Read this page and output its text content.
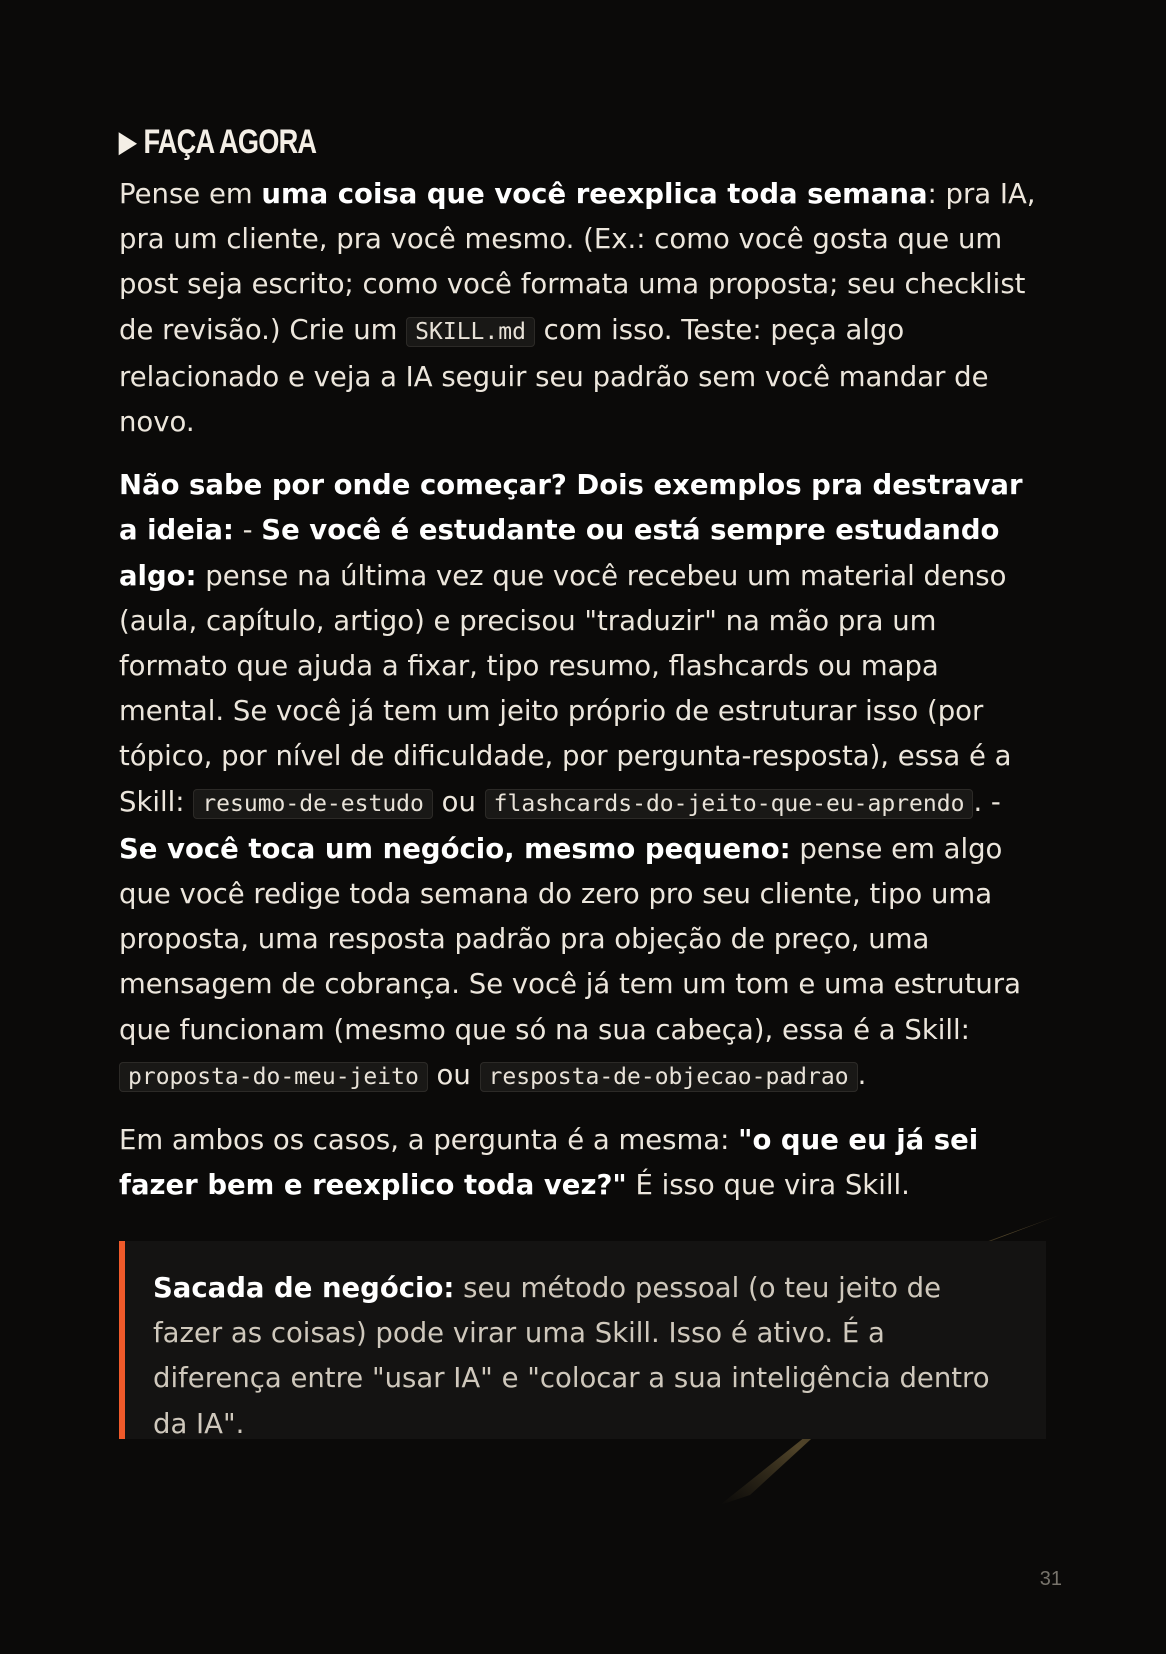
▶ FAÇA AGORA

Pense em uma coisa que você reexplica toda semana: pra IA, pra um cliente, pra você mesmo. (Ex.: como você gosta que um post seja escrito; como você formata uma proposta; seu checklist de revisão.) Crie um SKILL.md com isso. Teste: peça algo relacionado e veja a IA seguir seu padrão sem você mandar de novo.

Não sabe por onde começar? Dois exemplos pra destravar a ideia: - Se você é estudante ou está sempre estudando algo: pense na última vez que você recebeu um material denso (aula, capítulo, artigo) e precisou "traduzir" na mão pra um formato que ajuda a fixar, tipo resumo, flashcards ou mapa mental. Se você já tem um jeito próprio de estruturar isso (por tópico, por nível de dificuldade, por pergunta-resposta), essa é a Skill: resumo-de-estudo ou flashcards-do-jeito-que-eu-aprendo . - Se você toca um negócio, mesmo pequeno: pense em algo que você redige toda semana do zero pro seu cliente, tipo uma proposta, uma resposta padrão pra objeção de preço, uma mensagem de cobrança. Se você já tem um tom e uma estrutura que funcionam (mesmo que só na sua cabeça), essa é a Skill: proposta-do-meu-jeito ou resposta-de-objecao-padrao .

Em ambos os casos, a pergunta é a mesma: "o que eu já sei fazer bem e reexplico toda vez?" É isso que vira Skill.

Sacada de negócio: seu método pessoal (o teu jeito de fazer as coisas) pode virar uma Skill. Isso é ativo. É a diferença entre "usar IA" e "colocar a sua inteligência dentro da IA".

31
